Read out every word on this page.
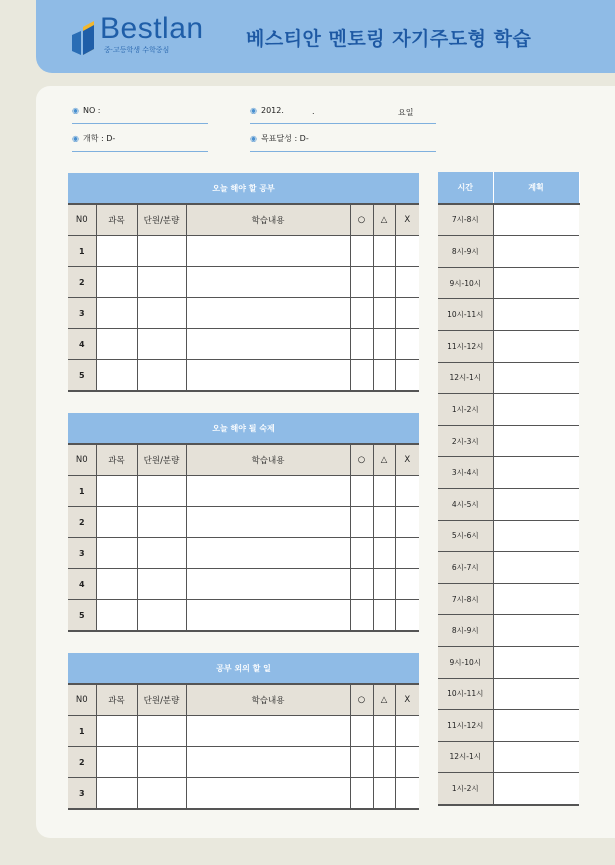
Bestlan
중·고등학생 수학중심	베스티안 멘토링 자기주도형 학습
◉ NO :	◉ 2012.	.	요일
◉ 개학 : D-	◉ 목표달성 : D-
오늘 해야 할 공부						
N0	과목	단원/분량	학습내용	○	△	X
1						
2						
3						
4						
5						
오늘 해야 될 숙제						
N0	과목	단원/분량	학습내용	○	△	X
1						
2						
3						
4						
5						
공부 외의 할 일						
N0	과목	단원/분량	학습내용	○	△	X
1						
2						
3						
시간	계획
7시-8시	
8시-9시	
9시-10시	
10시-11시	
11시-12시	
12시-1시	
1시-2시	
2시-3시	
3시-4시	
4시-5시	
5시-6시	
6시-7시	
7시-8시	
8시-9시	
9시-10시	
10시-11시	
11시-12시	
12시-1시	
1시-2시	
